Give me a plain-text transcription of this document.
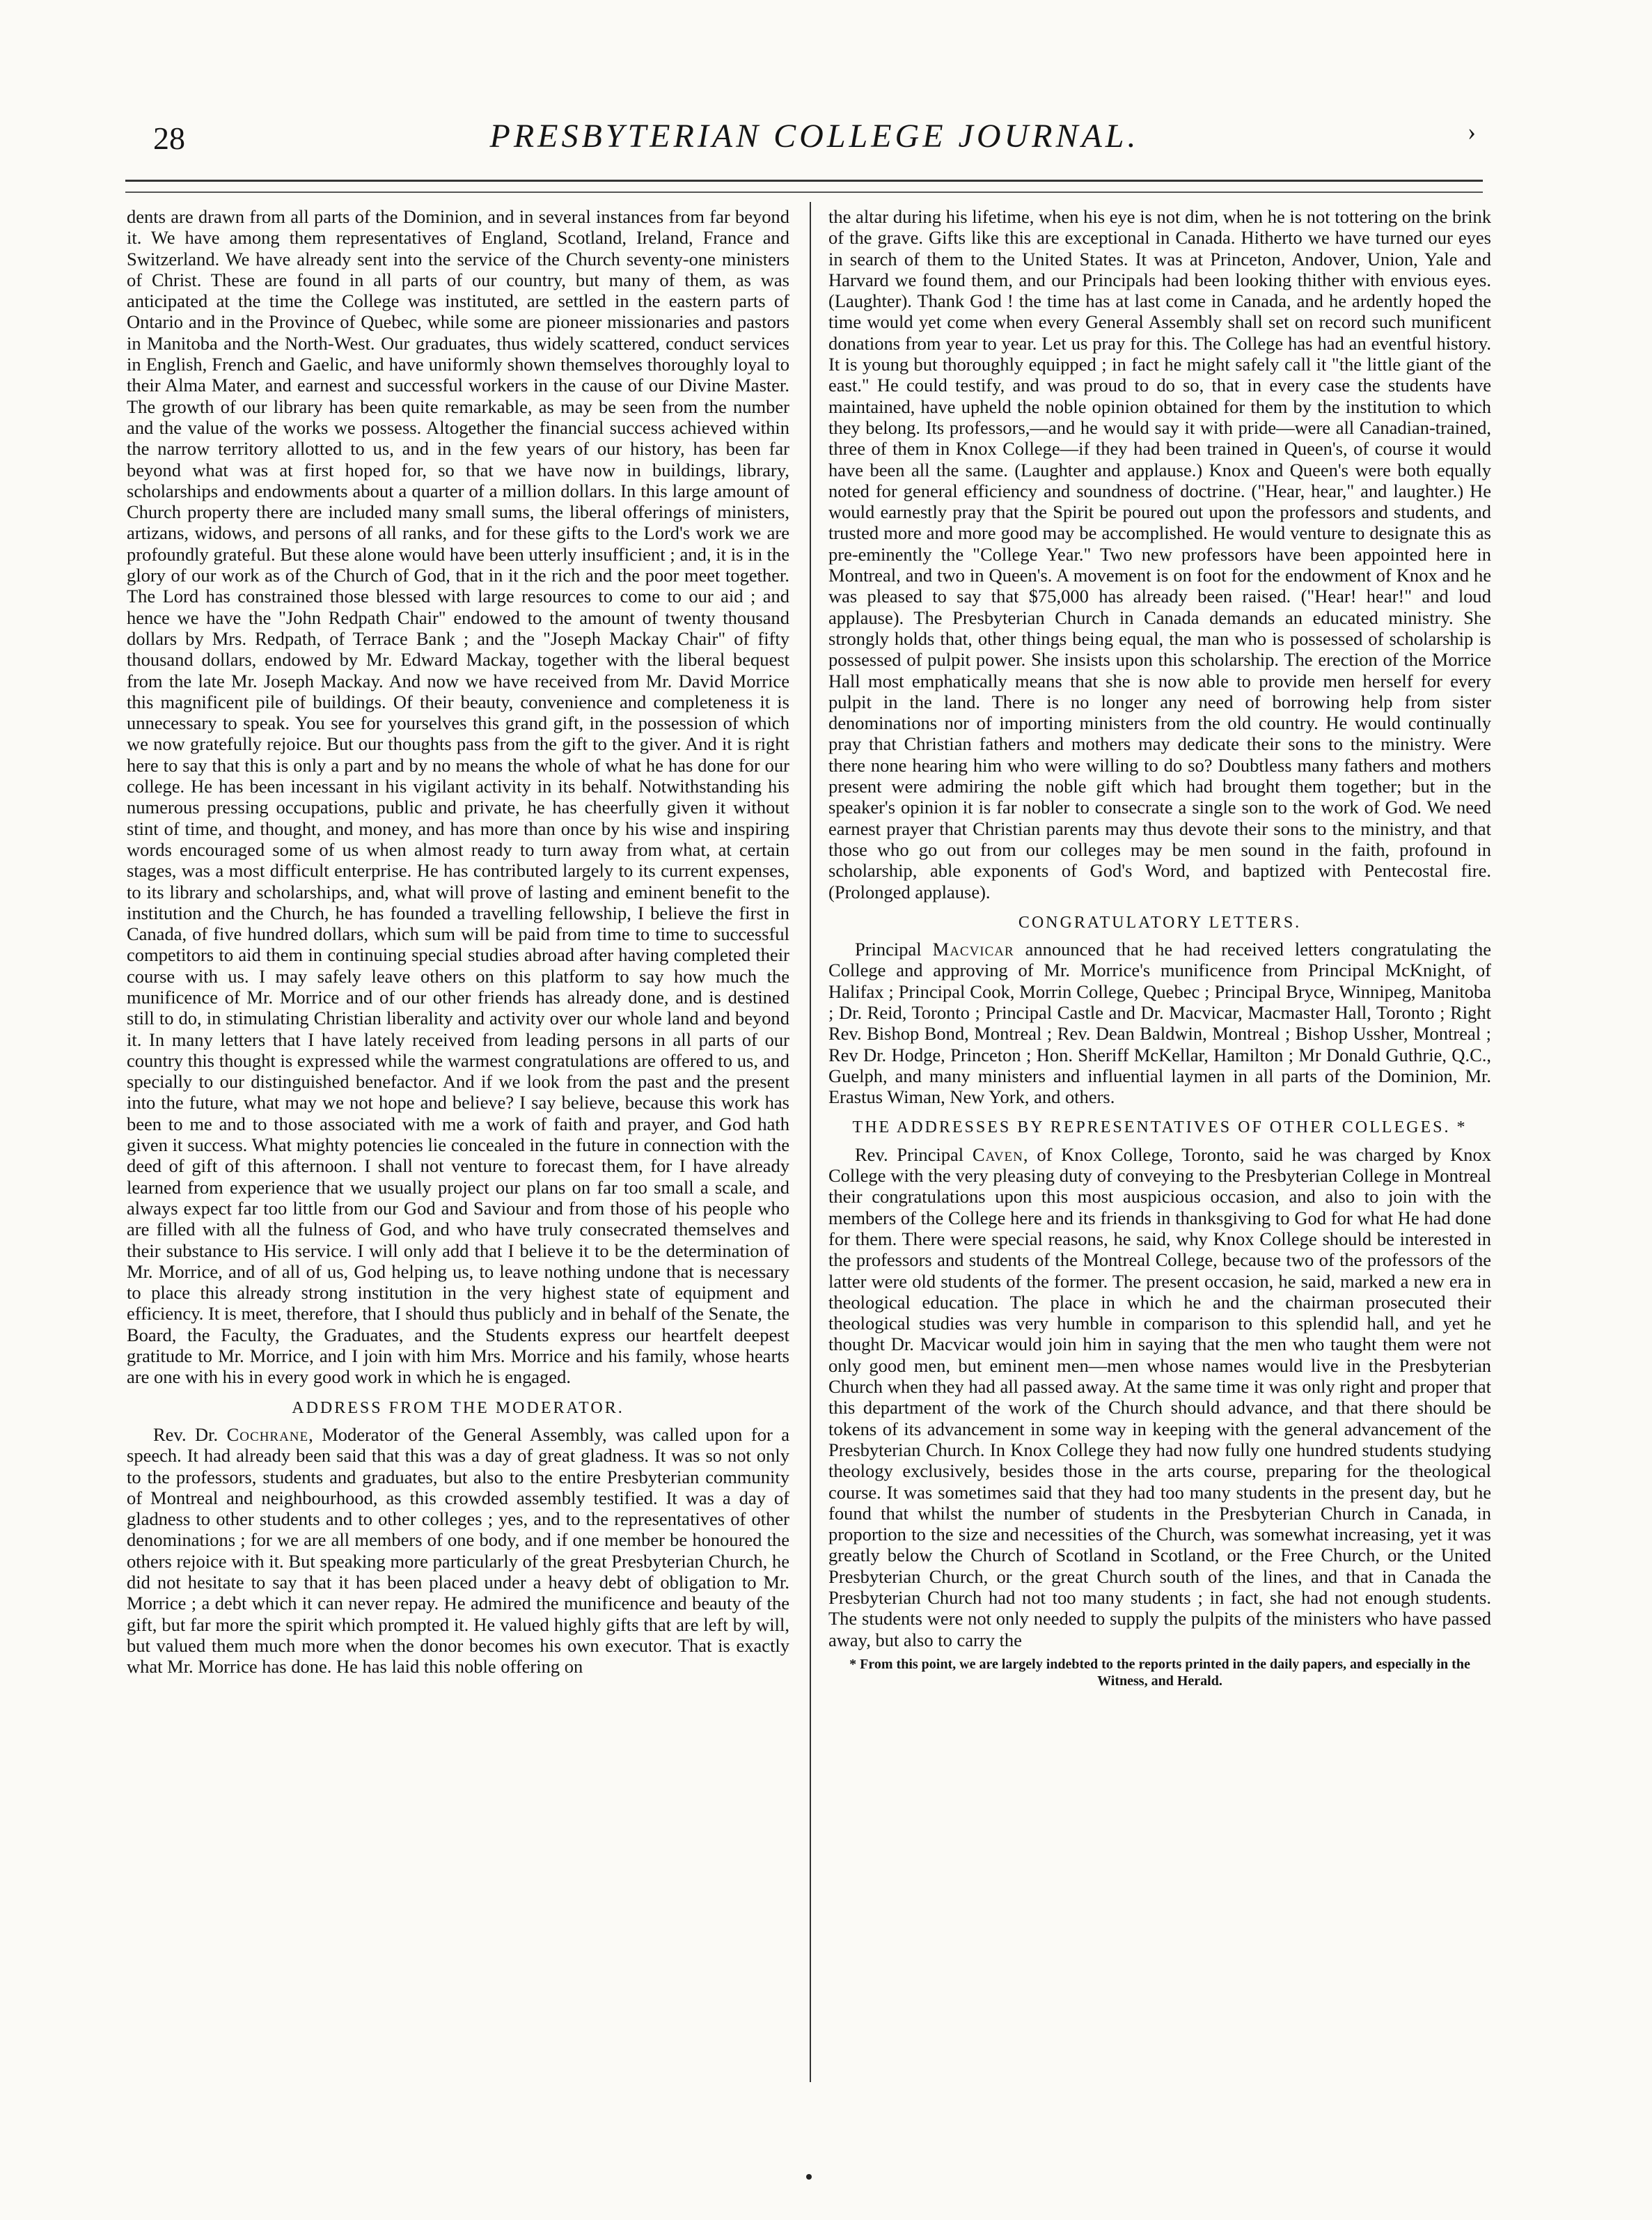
28	PRESBYTERIAN COLLEGE JOURNAL.	›

dents are drawn from all parts of the Dominion, and in several instances from far beyond it. We have among them representatives of England, Scotland, Ireland, France and Switzerland. We have already sent into the service of the Church seventy-one ministers of Christ. These are found in all parts of our country, but many of them, as was anticipated at the time the College was instituted, are settled in the eastern parts of Ontario and in the Province of Quebec, while some are pioneer missionaries and pastors in Manitoba and the North-West. Our graduates, thus widely scattered, conduct services in English, French and Gaelic, and have uniformly shown themselves thoroughly loyal to their Alma Mater, and earnest and successful workers in the cause of our Divine Master. The growth of our library has been quite remarkable, as may be seen from the number and the value of the works we possess. Altogether the financial success achieved within the narrow territory allotted to us, and in the few years of our history, has been far beyond what was at first hoped for, so that we have now in buildings, library, scholarships and endowments about a quarter of a million dollars. In this large amount of Church property there are included many small sums, the liberal offerings of ministers, artizans, widows, and persons of all ranks, and for these gifts to the Lord's work we are profoundly grateful. But these alone would have been utterly insufficient ; and, it is in the glory of our work as of the Church of God, that in it the rich and the poor meet together. The Lord has constrained those blessed with large resources to come to our aid ; and hence we have the "John Redpath Chair" endowed to the amount of twenty thousand dollars by Mrs. Redpath, of Terrace Bank ; and the "Joseph Mackay Chair" of fifty thousand dollars, endowed by Mr. Edward Mackay, together with the liberal bequest from the late Mr. Joseph Mackay. And now we have received from Mr. David Morrice this magnificent pile of buildings. Of their beauty, convenience and completeness it is unnecessary to speak. You see for yourselves this grand gift, in the possession of which we now gratefully rejoice. But our thoughts pass from the gift to the giver. And it is right here to say that this is only a part and by no means the whole of what he has done for our college. He has been incessant in his vigilant activity in its behalf. Notwithstanding his numerous pressing occupations, public and private, he has cheerfully given it without stint of time, and thought, and money, and has more than once by his wise and inspiring words encouraged some of us when almost ready to turn away from what, at certain stages, was a most difficult enterprise. He has contributed largely to its current expenses, to its library and scholarships, and, what will prove of lasting and eminent benefit to the institution and the Church, he has founded a travelling fellowship, I believe the first in Canada, of five hundred dollars, which sum will be paid from time to time to successful competitors to aid them in continuing special studies abroad after having completed their course with us. I may safely leave others on this platform to say how much the munificence of Mr. Morrice and of our other friends has already done, and is destined still to do, in stimulating Christian liberality and activity over our whole land and beyond it. In many letters that I have lately received from leading persons in all parts of our country this thought is expressed while the warmest congratulations are offered to us, and specially to our distinguished benefactor. And if we look from the past and the present into the future, what may we not hope and believe? I say believe, because this work has been to me and to those associated with me a work of faith and prayer, and God hath given it success. What mighty potencies lie concealed in the future in connection with the deed of gift of this afternoon. I shall not venture to forecast them, for I have already learned from experience that we usually project our plans on far too small a scale, and always expect far too little from our God and Saviour and from those of his people who are filled with all the fulness of God, and who have truly consecrated themselves and their substance to His service. I will only add that I believe it to be the determination of Mr. Morrice, and of all of us, God helping us, to leave nothing undone that is necessary to place this already strong institution in the very highest state of equipment and efficiency. It is meet, therefore, that I should thus publicly and in behalf of the Senate, the Board, the Faculty, the Graduates, and the Students express our heartfelt deepest gratitude to Mr. Morrice, and I join with him Mrs. Morrice and his family, whose hearts are one with his in every good work in which he is engaged.

ADDRESS FROM THE MODERATOR.

Rev. Dr. Cochrane, Moderator of the General Assembly, was called upon for a speech. It had already been said that this was a day of great gladness. It was so not only to the professors, students and graduates, but also to the entire Presbyterian community of Montreal and neighbourhood, as this crowded assembly testified. It was a day of gladness to other students and to other colleges ; yes, and to the representatives of other denominations ; for we are all members of one body, and if one member be honoured the others rejoice with it. But speaking more particularly of the great Presbyterian Church, he did not hesitate to say that it has been placed under a heavy debt of obligation to Mr. Morrice ; a debt which it can never repay. He admired the munificence and beauty of the gift, but far more the spirit which prompted it. He valued highly gifts that are left by will, but valued them much more when the donor becomes his own executor. That is exactly what Mr. Morrice has done. He has laid this noble offering on

the altar during his lifetime, when his eye is not dim, when he is not tottering on the brink of the grave. Gifts like this are exceptional in Canada. Hitherto we have turned our eyes in search of them to the United States. It was at Princeton, Andover, Union, Yale and Harvard we found them, and our Principals had been looking thither with envious eyes. (Laughter). Thank God ! the time has at last come in Canada, and he ardently hoped the time would yet come when every General Assembly shall set on record such munificent donations from year to year. Let us pray for this. The College has had an eventful history. It is young but thoroughly equipped ; in fact he might safely call it "the little giant of the east." He could testify, and was proud to do so, that in every case the students have maintained, have upheld the noble opinion obtained for them by the institution to which they belong. Its professors,—and he would say it with pride—were all Canadian-trained, three of them in Knox College—if they had been trained in Queen's, of course it would have been all the same. (Laughter and applause.) Knox and Queen's were both equally noted for general efficiency and soundness of doctrine. ("Hear, hear," and laughter.) He would earnestly pray that the Spirit be poured out upon the professors and students, and trusted more and more good may be accomplished. He would venture to designate this as pre-eminently the "College Year." Two new professors have been appointed here in Montreal, and two in Queen's. A movement is on foot for the endowment of Knox and he was pleased to say that $75,000 has already been raised. ("Hear! hear!" and loud applause). The Presbyterian Church in Canada demands an educated ministry. She strongly holds that, other things being equal, the man who is possessed of scholarship is possessed of pulpit power. She insists upon this scholarship. The erection of the Morrice Hall most emphatically means that she is now able to provide men herself for every pulpit in the land. There is no longer any need of borrowing help from sister denominations nor of importing ministers from the old country. He would continually pray that Christian fathers and mothers may dedicate their sons to the ministry. Were there none hearing him who were willing to do so? Doubtless many fathers and mothers present were admiring the noble gift which had brought them together; but in the speaker's opinion it is far nobler to consecrate a single son to the work of God. We need earnest prayer that Christian parents may thus devote their sons to the ministry, and that those who go out from our colleges may be men sound in the faith, profound in scholarship, able exponents of God's Word, and baptized with Pentecostal fire. (Prolonged applause).

CONGRATULATORY LETTERS.

Principal Macvicar announced that he had received letters congratulating the College and approving of Mr. Morrice's munificence from Principal McKnight, of Halifax ; Principal Cook, Morrin College, Quebec ; Principal Bryce, Winnipeg, Manitoba ; Dr. Reid, Toronto ; Principal Castle and Dr. Macvicar, Macmaster Hall, Toronto ; Right Rev. Bishop Bond, Montreal ; Rev. Dean Baldwin, Montreal ; Bishop Ussher, Montreal ; Rev Dr. Hodge, Princeton ; Hon. Sheriff McKellar, Hamilton ; Mr Donald Guthrie, Q.C., Guelph, and many ministers and influential laymen in all parts of the Dominion, Mr. Erastus Wiman, New York, and others.

THE ADDRESSES BY REPRESENTATIVES OF OTHER COLLEGES. *

Rev. Principal Caven, of Knox College, Toronto, said he was charged by Knox College with the very pleasing duty of conveying to the Presbyterian College in Montreal their congratulations upon this most auspicious occasion, and also to join with the members of the College here and its friends in thanksgiving to God for what He had done for them. There were special reasons, he said, why Knox College should be interested in the professors and students of the Montreal College, because two of the professors of the latter were old students of the former. The present occasion, he said, marked a new era in theological education. The place in which he and the chairman prosecuted their theological studies was very humble in comparison to this splendid hall, and yet he thought Dr. Macvicar would join him in saying that the men who taught them were not only good men, but eminent men—men whose names would live in the Presbyterian Church when they had all passed away. At the same time it was only right and proper that this department of the work of the Church should advance, and that there should be tokens of its advancement in some way in keeping with the general advancement of the Presbyterian Church. In Knox College they had now fully one hundred students studying theology exclusively, besides those in the arts course, preparing for the theological course. It was sometimes said that they had too many students in the present day, but he found that whilst the number of students in the Presbyterian Church in Canada, in proportion to the size and necessities of the Church, was somewhat increasing, yet it was greatly below the Church of Scotland in Scotland, or the Free Church, or the United Presbyterian Church, or the great Church south of the lines, and that in Canada the Presbyterian Church had not too many students ; in fact, she had not enough students. The students were not only needed to supply the pulpits of the ministers who have passed away, but also to carry the

* From this point, we are largely indebted to the reports printed in the daily papers, and especially in the Witness, and Herald.
